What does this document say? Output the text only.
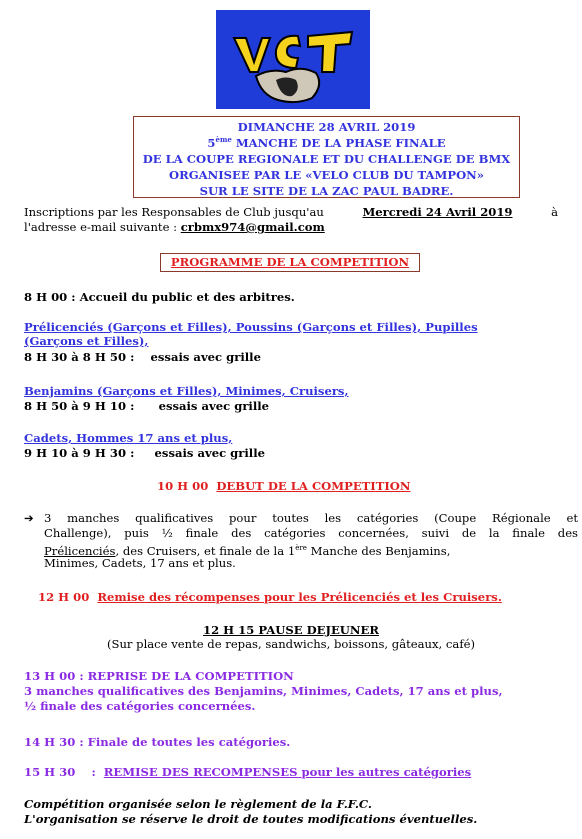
DIMANCHE 28 AVRIL 2019
5ème MANCHE DE LA PHASE FINALE
DE LA COUPE REGIONALE ET DU CHALLENGE DE BMX
ORGANISEE PAR LE «VELO CLUB DU TAMPON»
SUR LE SITE DE LA ZAC PAUL BADRE.
Inscriptions par les Responsables de Club jusqu'au	Mercredi 24 Avril 2019	à
l'adresse e-mail suivante : crbmx974@gmail.com
PROGRAMME DE LA COMPETITION
8 H 00 : Accueil du public et des arbitres.
Prélicenciés (Garçons et Filles), Poussins (Garçons et Filles), Pupilles
(Garçons et Filles),
8 H 30 à 8 H 50 : essais avec grille
Benjamins (Garçons et Filles), Minimes, Cruisers,
8 H 50 à 9 H 10 : essais avec grille
Cadets, Hommes 17 ans et plus,
9 H 10 à 9 H 30 : essais avec grille
10 H 00 DEBUT DE LA COMPETITION
➔ 3 manches qualificatives pour toutes les catégories (Coupe Régionale et
Challenge), puis ½ finale des catégories concernées, suivi de la finale des
Prélicenciés, des Cruisers, et finale de la 1ère Manche des Benjamins,
Minimes, Cadets, 17 ans et plus.
12 H 00 Remise des récompenses pour les Prélicenciés et les Cruisers.
12 H 15 PAUSE DEJEUNER
(Sur place vente de repas, sandwichs, boissons, gâteaux, café)
13 H 00 : REPRISE DE LA COMPETITION
3 manches qualificatives des Benjamins, Minimes, Cadets, 17 ans et plus,
½ finale des catégories concernées.
14 H 30 : Finale de toutes les catégories.
15 H 30    :  REMISE DES RECOMPENSES pour les autres catégories
Compétition organisée selon le règlement de la F.F.C.
L'organisation se réserve le droit de toutes modifications éventuelles.
